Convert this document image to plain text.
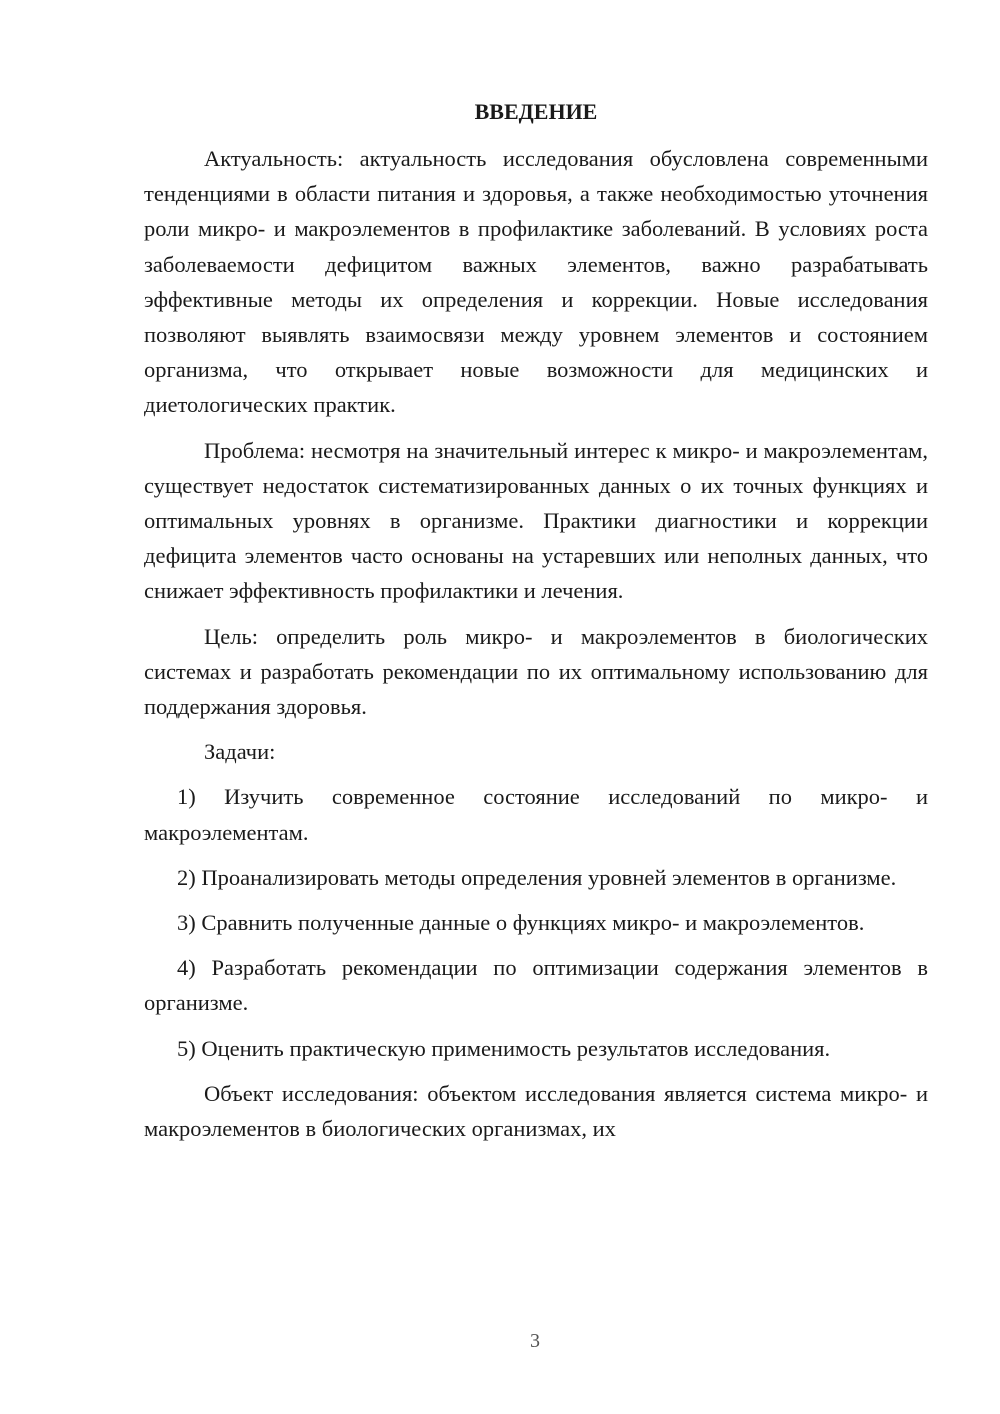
ВВЕДЕНИЕ

Актуальность: актуальность исследования обусловлена современными тенденциями в области питания и здоровья, а также необходимостью уточнения роли микро- и макроэлементов в профилактике заболеваний. В условиях роста заболеваемости дефицитом важных элементов, важно разрабатывать эффективные методы их определения и коррекции. Новые исследования позволяют выявлять взаимосвязи между уровнем элементов и состоянием организма, что открывает новые возможности для медицинских и диетологических практик.

Проблема: несмотря на значительный интерес к микро- и макроэлементам, существует недостаток систематизированных данных о их точных функциях и оптимальных уровнях в организме. Практики диагностики и коррекции дефицита элементов часто основаны на устаревших или неполных данных, что снижает эффективность профилактики и лечения.

Цель: определить роль микро- и макроэлементов в биологических системах и разработать рекомендации по их оптимальному использованию для поддержания здоровья.

Задачи:

1) Изучить современное состояние исследований по микро- и макроэлементам.

2) Проанализировать методы определения уровней элементов в организме.

3) Сравнить полученные данные о функциях микро- и макроэлементов.

4) Разработать рекомендации по оптимизации содержания элементов в организме.

5) Оценить практическую применимость результатов исследования.

Объект исследования: объектом исследования является система микро- и макроэлементов в биологических организмах, их

3
